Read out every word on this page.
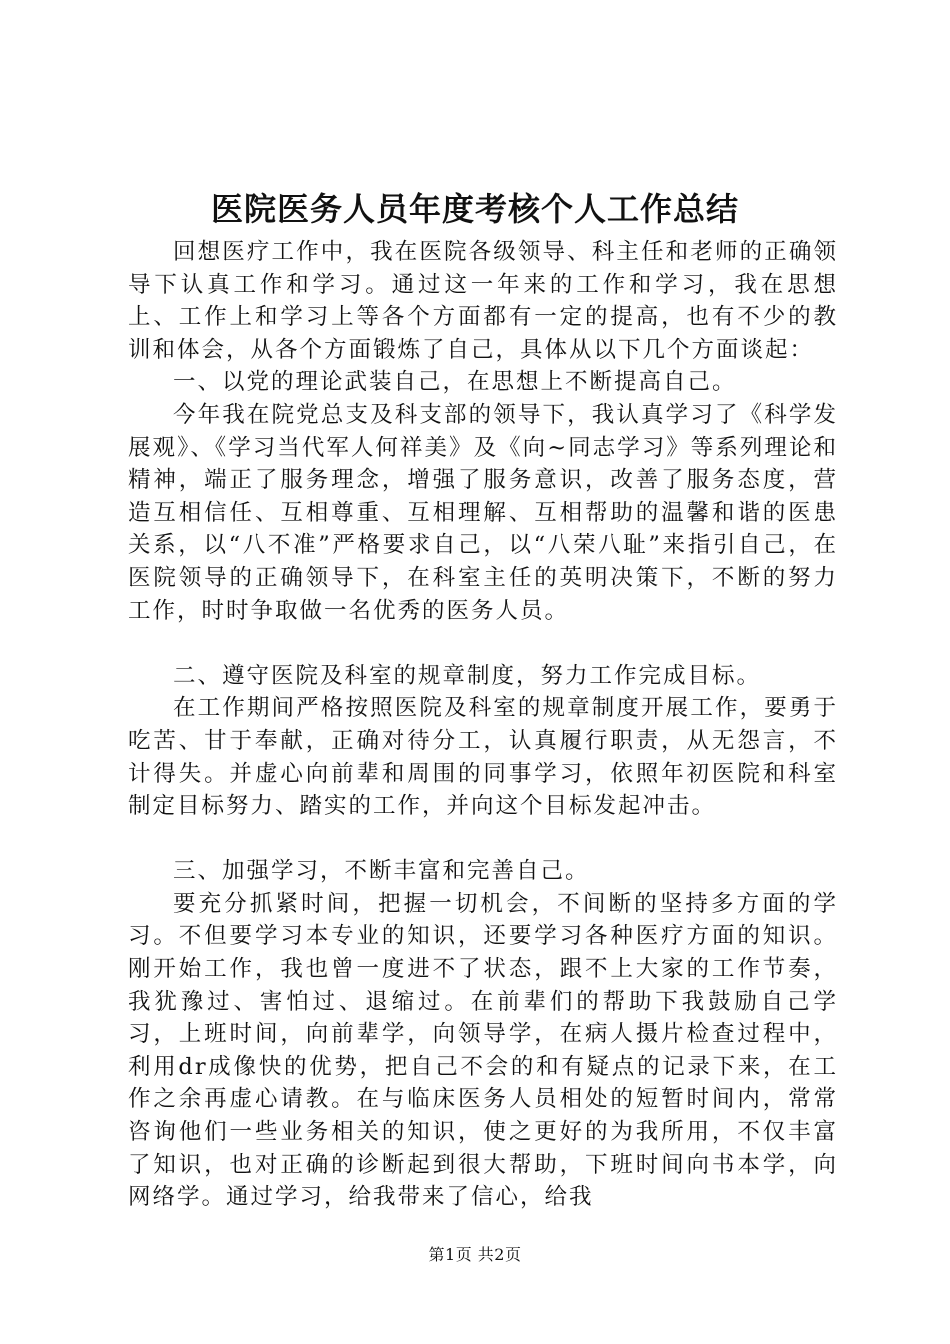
医院医务人员年度考核个人工作总结

回想医疗工作中，我在医院各级领导、科主任和老师的正确领导下认真工作和学习。通过这一年来的工作和学习，我在思想上、工作上和学习上等各个方面都有一定的提高，也有不少的教训和体会，从各个方面锻炼了自己，具体从以下几个方面谈起：

一、以党的理论武装自己，在思想上不断提高自己。

今年我在院党总支及科支部的领导下，我认真学习了《科学发展观》、《学习当代军人何祥美》及《向~同志学习》等系列理论和精神，端正了服务理念，增强了服务意识，改善了服务态度，营造互相信任、互相尊重、互相理解、互相帮助的温馨和谐的医患关系，以“八不准”严格要求自己，以“八荣八耻”来指引自己，在医院领导的正确领导下，在科室主任的英明决策下，不断的努力工作，时时争取做一名优秀的医务人员。

二、遵守医院及科室的规章制度，努力工作完成目标。

在工作期间严格按照医院及科室的规章制度开展工作，要勇于吃苦、甘于奉献，正确对待分工，认真履行职责，从无怨言，不计得失。并虚心向前辈和周围的同事学习，依照年初医院和科室制定目标努力、踏实的工作，并向这个目标发起冲击。

三、加强学习，不断丰富和完善自己。

要充分抓紧时间，把握一切机会，不间断的坚持多方面的学习。不但要学习本专业的知识，还要学习各种医疗方面的知识。刚开始工作，我也曾一度进不了状态，跟不上大家的工作节奏，我犹豫过、害怕过、退缩过。在前辈们的帮助下我鼓励自己学习，上班时间，向前辈学，向领导学，在病人摄片检查过程中，利用dr成像快的优势，把自己不会的和有疑点的记录下来，在工作之余再虚心请教。在与临床医务人员相处的短暂时间内，常常咨询他们一些业务相关的知识，使之更好的为我所用，不仅丰富了知识，也对正确的诊断起到很大帮助，下班时间向书本学，向网络学。通过学习，给我带来了信心，给我

第1页 共2页
